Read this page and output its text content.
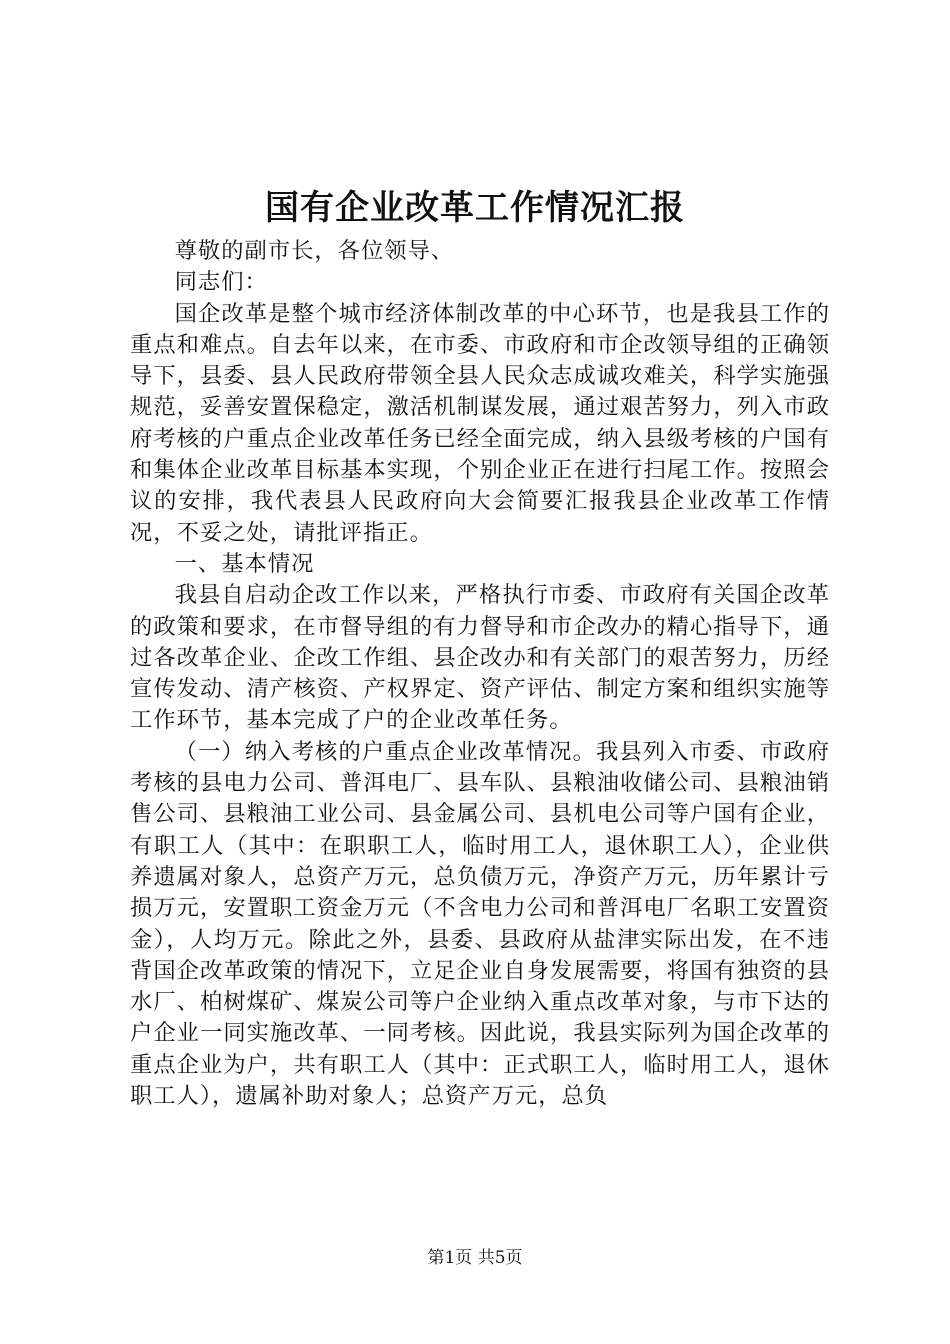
国有企业改革工作情况汇报

尊敬的副市长，各位领导、

同志们：

国企改革是整个城市经济体制改革的中心环节，也是我县工作的重点和难点。自去年以来，在市委、市政府和市企改领导组的正确领导下，县委、县人民政府带领全县人民众志成诚攻难关，科学实施强规范，妥善安置保稳定，激活机制谋发展，通过艰苦努力，列入市政府考核的户重点企业改革任务已经全面完成，纳入县级考核的户国有和集体企业改革目标基本实现，个别企业正在进行扫尾工作。按照会议的安排，我代表县人民政府向大会简要汇报我县企业改革工作情况，不妥之处，请批评指正。

一、基本情况

我县自启动企改工作以来，严格执行市委、市政府有关国企改革的政策和要求，在市督导组的有力督导和市企改办的精心指导下，通过各改革企业、企改工作组、县企改办和有关部门的艰苦努力，历经宣传发动、清产核资、产权界定、资产评估、制定方案和组织实施等工作环节，基本完成了户的企业改革任务。

（一）纳入考核的户重点企业改革情况。我县列入市委、市政府考核的县电力公司、普洱电厂、县车队、县粮油收储公司、县粮油销售公司、县粮油工业公司、县金属公司、县机电公司等户国有企业，有职工人（其中：在职职工人，临时用工人，退休职工人），企业供养遗属对象人，总资产万元，总负债万元，净资产万元，历年累计亏损万元，安置职工资金万元（不含电力公司和普洱电厂名职工安置资金），人均万元。除此之外，县委、县政府从盐津实际出发，在不违背国企改革政策的情况下，立足企业自身发展需要，将国有独资的县水厂、柏树煤矿、煤炭公司等户企业纳入重点改革对象，与市下达的户企业一同实施改革、一同考核。因此说，我县实际列为国企改革的重点企业为户，共有职工人（其中：正式职工人，临时用工人，退休职工人），遗属补助对象人；总资产万元，总负

第1页 共5页
